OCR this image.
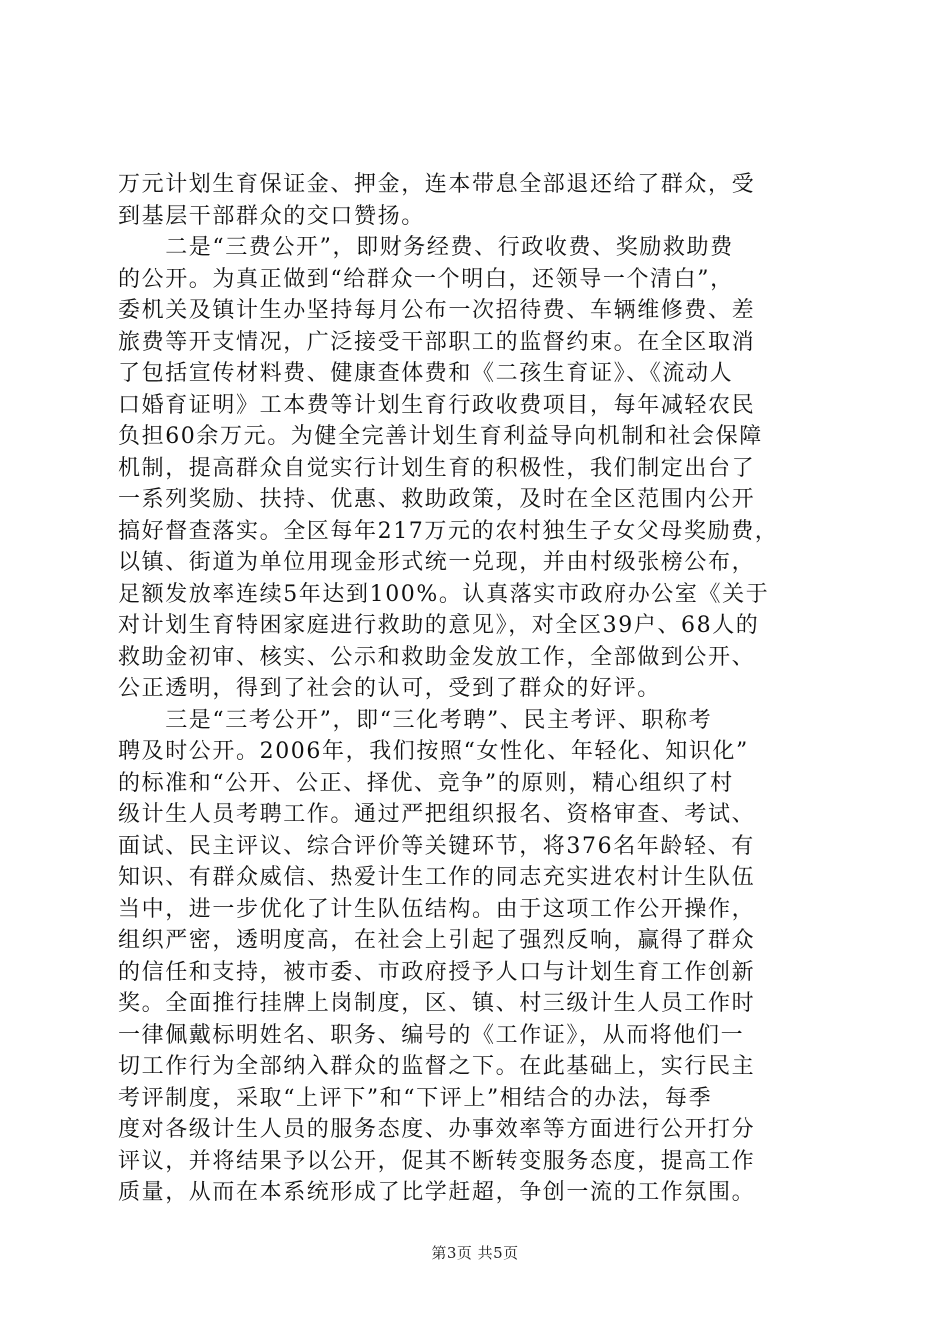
万元计划生育保证金、押金，连本带息全部退还给了群众，受
到基层干部群众的交口赞扬。
　　二是“三费公开”，即财务经费、行政收费、奖励救助费
的公开。为真正做到“给群众一个明白，还领导一个清白”，
委机关及镇计生办坚持每月公布一次招待费、车辆维修费、差
旅费等开支情况，广泛接受干部职工的监督约束。在全区取消
了包括宣传材料费、健康查体费和《二孩生育证》、《流动人
口婚育证明》工本费等计划生育行政收费项目，每年减轻农民
负担60余万元。为健全完善计划生育利益导向机制和社会保障
机制，提高群众自觉实行计划生育的积极性，我们制定出台了
一系列奖励、扶持、优惠、救助政策，及时在全区范围内公开
搞好督查落实。全区每年217万元的农村独生子女父母奖励费，
以镇、街道为单位用现金形式统一兑现，并由村级张榜公布，
足额发放率连续5年达到100%。认真落实市政府办公室《关于
对计划生育特困家庭进行救助的意见》，对全区39户、68人的
救助金初审、核实、公示和救助金发放工作，全部做到公开、
公正透明，得到了社会的认可，受到了群众的好评。
　　三是“三考公开”，即“三化考聘”、民主考评、职称考
聘及时公开。2006年，我们按照“女性化、年轻化、知识化”
的标准和“公开、公正、择优、竞争”的原则，精心组织了村
级计生人员考聘工作。通过严把组织报名、资格审查、考试、
面试、民主评议、综合评价等关键环节，将376名年龄轻、有
知识、有群众威信、热爱计生工作的同志充实进农村计生队伍
当中，进一步优化了计生队伍结构。由于这项工作公开操作，
组织严密，透明度高，在社会上引起了强烈反响，赢得了群众
的信任和支持，被市委、市政府授予人口与计划生育工作创新
奖。全面推行挂牌上岗制度，区、镇、村三级计生人员工作时
一律佩戴标明姓名、职务、编号的《工作证》，从而将他们一
切工作行为全部纳入群众的监督之下。在此基础上，实行民主
考评制度，采取“上评下”和“下评上”相结合的办法，每季
度对各级计生人员的服务态度、办事效率等方面进行公开打分
评议，并将结果予以公开，促其不断转变服务态度，提高工作
质量，从而在本系统形成了比学赶超，争创一流的工作氛围。
第3页 共5页
